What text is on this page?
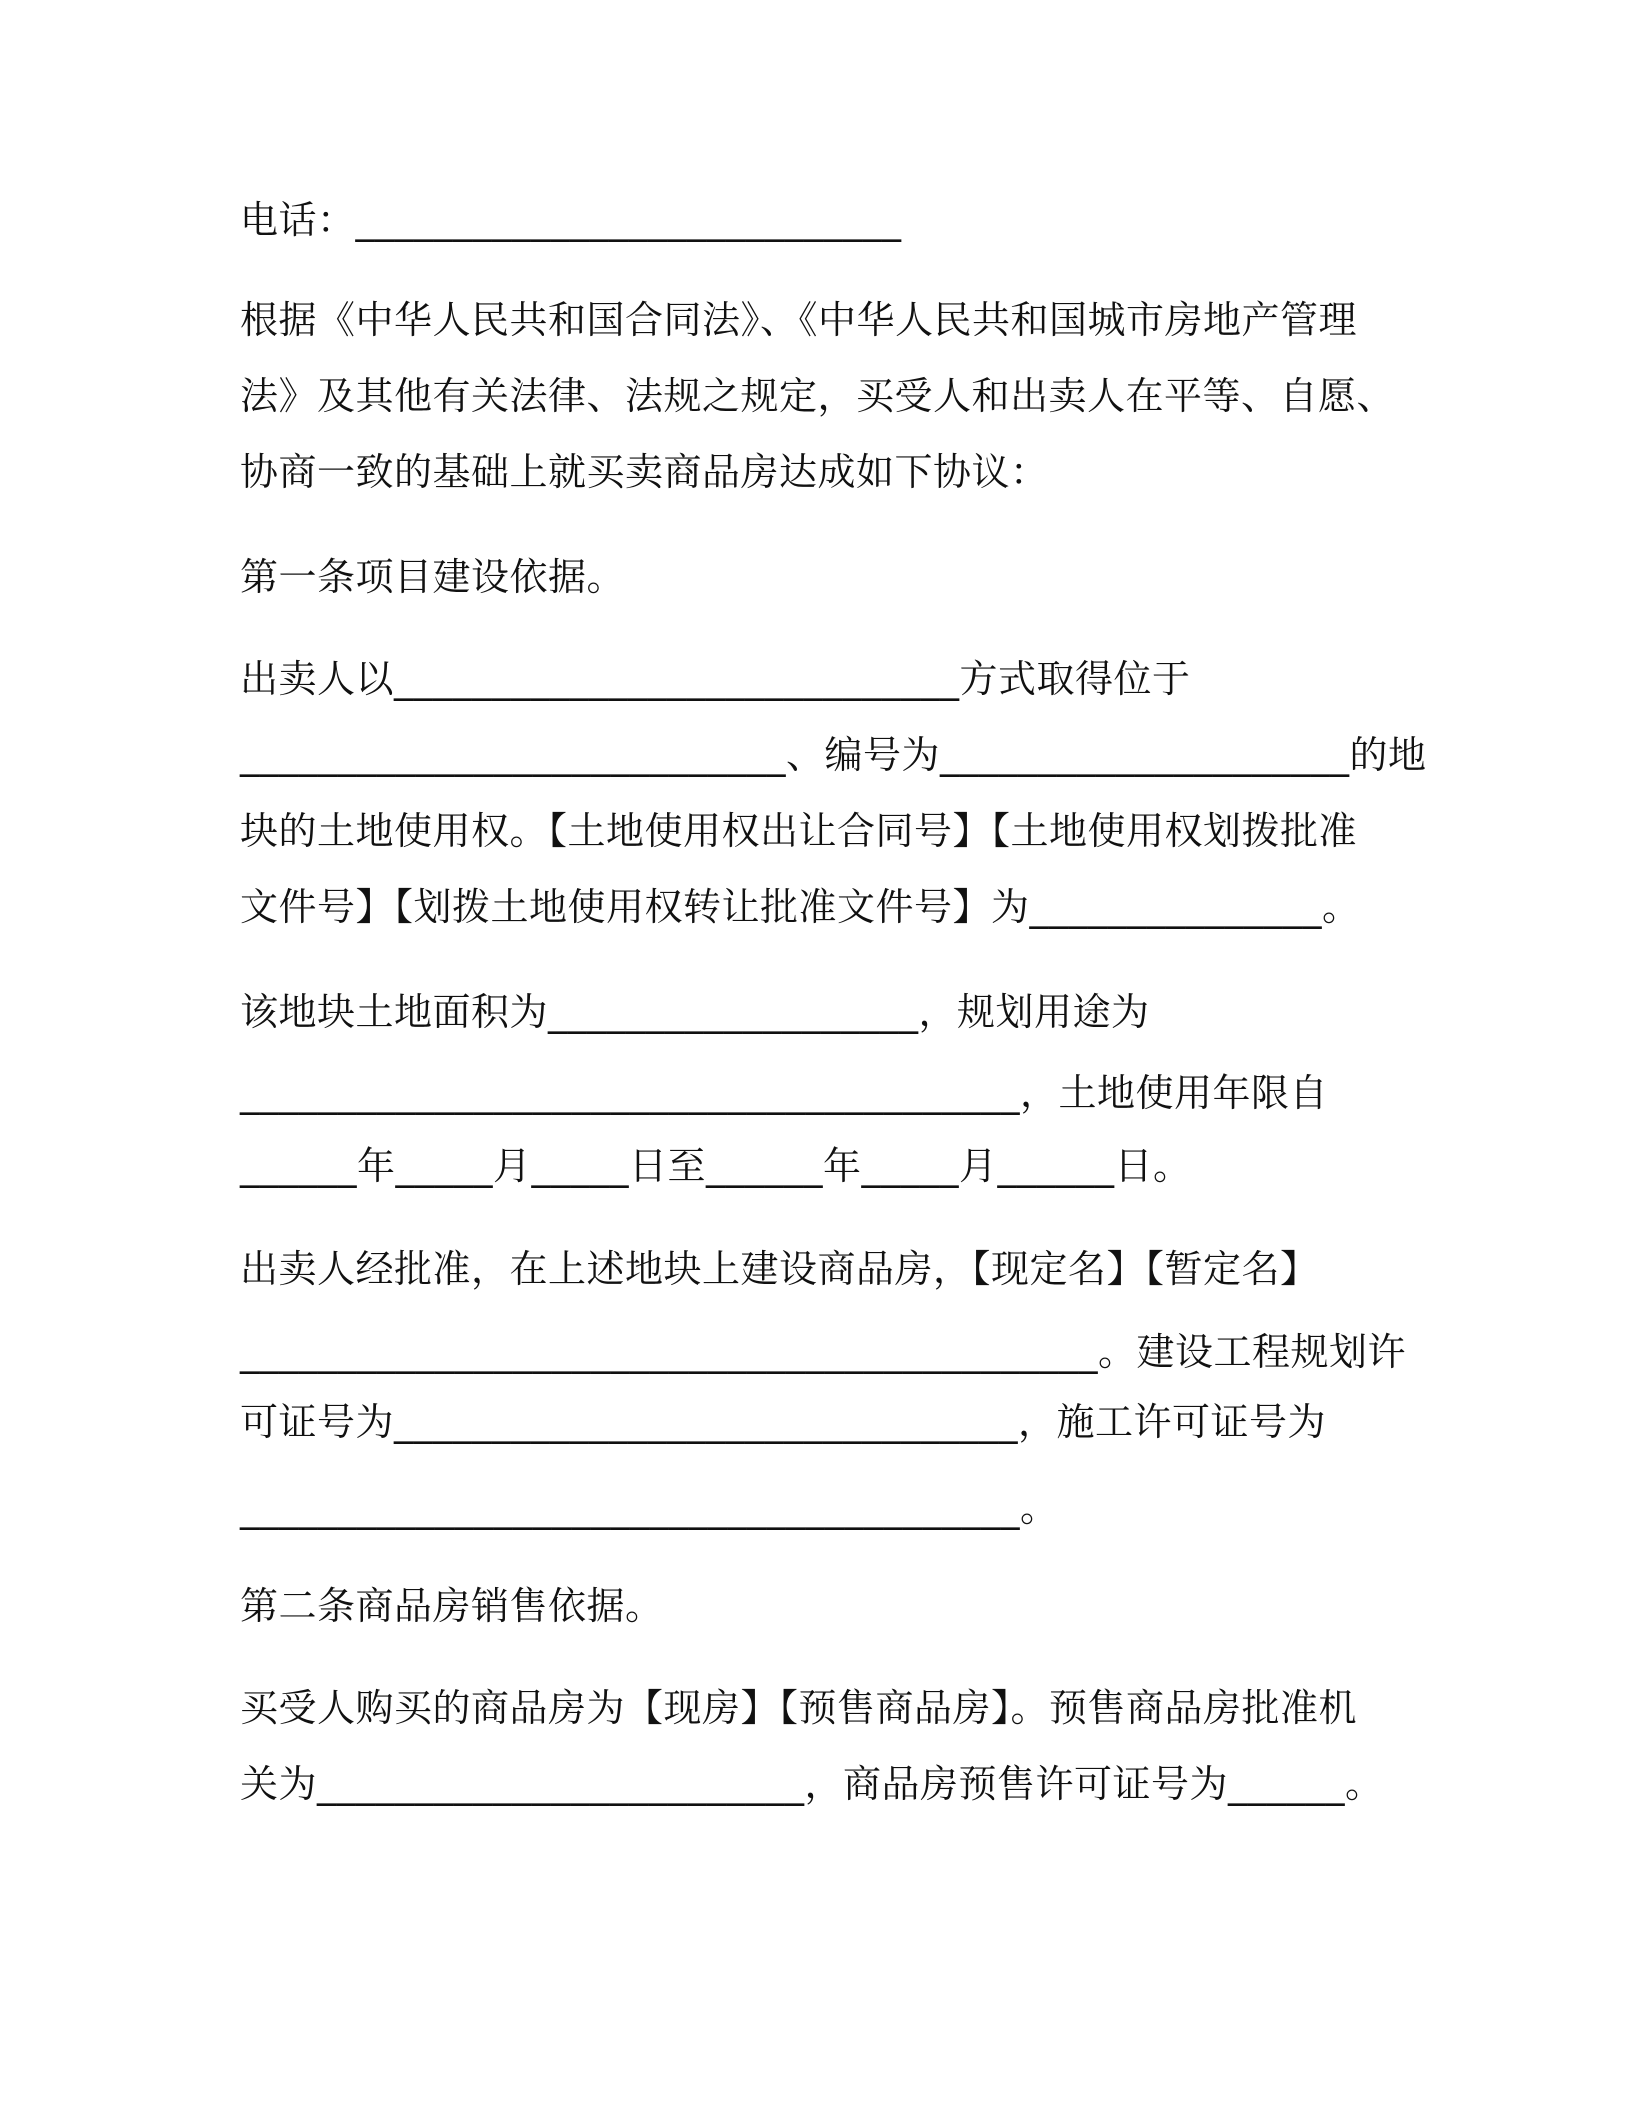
电话：____________________________
根据《中华人民共和国合同法》、《中华人民共和国城市房地产管理
法》及其他有关法律、法规之规定，买受人和出卖人在平等、自愿、
协商一致的基础上就买卖商品房达成如下协议：
第一条项目建设依据。
出卖人以_____________________________方式取得位于
____________________________、编号为_____________________的地
块的土地使用权。【土地使用权出让合同号】【土地使用权划拨批准
文件号】【划拨土地使用权转让批准文件号】为_______________。
该地块土地面积为___________________，规划用途为
________________________________________，土地使用年限自
______年_____月_____日至______年_____月______日。
出卖人经批准，在上述地块上建设商品房，【现定名】【暂定名】
____________________________________________。建设工程规划许
可证号为________________________________，施工许可证号为
________________________________________。
第二条商品房销售依据。
买受人购买的商品房为【现房】【预售商品房】。预售商品房批准机
关为_________________________，商品房预售许可证号为______。
